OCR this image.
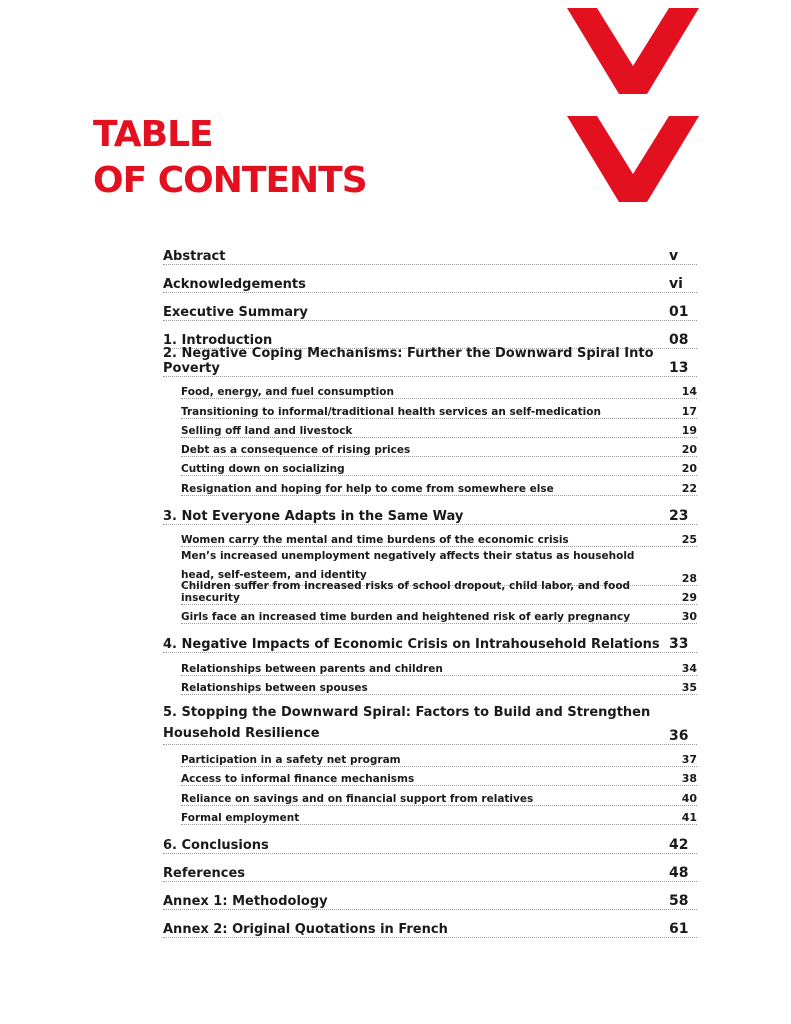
TABLE
OF CONTENTS
Abstract	v
Acknowledgements	vi
Executive Summary	01
1. Introduction	08
2. Negative Coping Mechanisms: Further the Downward Spiral Into Poverty	13
Food, energy, and fuel consumption	14
Transitioning to informal/traditional health services an self-medication	17
Selling off land and livestock	19
Debt as a consequence of rising prices	20
Cutting down on socializing	20
Resignation and hoping for help to come from somewhere else	22
3. Not Everyone Adapts in the Same Way	23
Women carry the mental and time burdens of the economic crisis	25
Men’s increased unemployment negatively affects their status as household head, self-esteem, and identity	28
Children suffer from increased risks of school dropout, child labor, and food insecurity	29
Girls face an increased time burden and heightened risk of early pregnancy	30
4. Negative Impacts of Economic Crisis on Intrahousehold Relations 33
Relationships between parents and children	34
Relationships between spouses	35
5. Stopping the Downward Spiral: Factors to Build and Strengthen Household Resilience	36
Participation in a safety net program	37
Access to informal finance mechanisms	38
Reliance on savings and on financial support from relatives	40
Formal employment	41
6. Conclusions	42
References	48
Annex 1: Methodology	58
Annex 2: Original Quotations in French	61
